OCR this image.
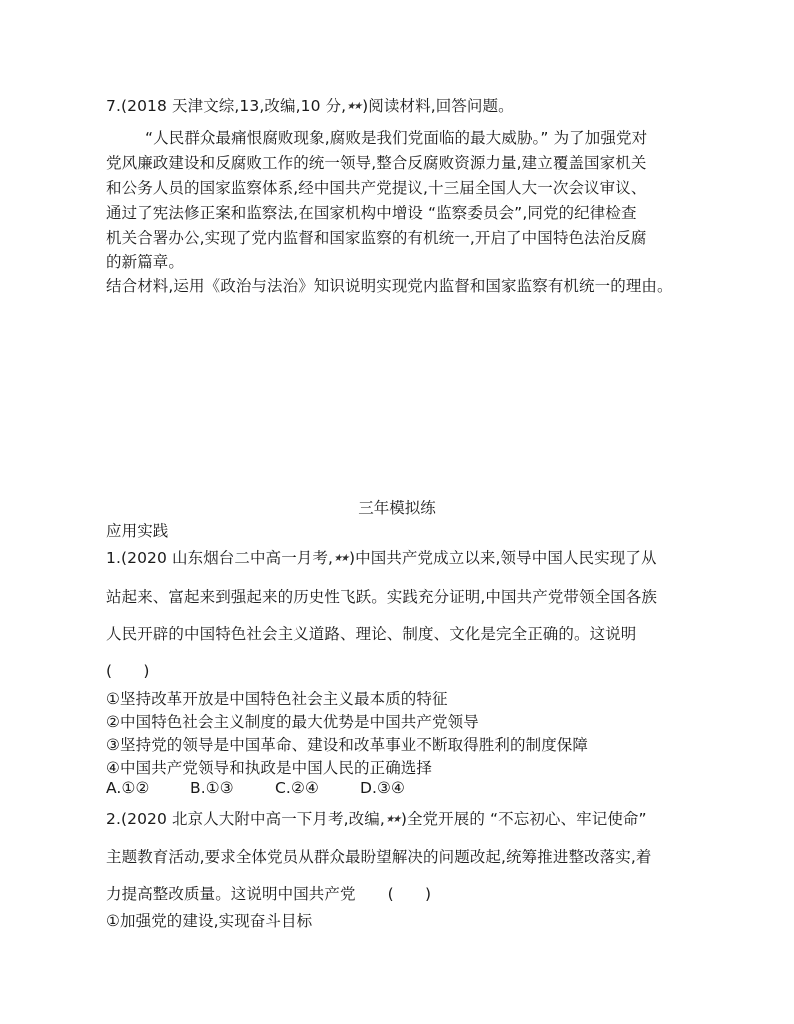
7.(2018 天津文综,13,改编,10 分,★★)阅读材料,回答问题。
“人民群众最痛恨腐败现象,腐败是我们党面临的最大威胁。” 为了加强党对
党风廉政建设和反腐败工作的统一领导,整合反腐败资源力量,建立覆盖国家机关
和公务人员的国家监察体系,经中国共产党提议,十三届全国人大一次会议审议、
通过了宪法修正案和监察法,在国家机构中增设 “监察委员会”,同党的纪律检查
机关合署办公,实现了党内监督和国家监察的有机统一,开启了中国特色法治反腐
的新篇章。
结合材料,运用《政治与法治》知识说明实现党内监督和国家监察有机统一的理由。
三年模拟练
应用实践
1.(2020 山东烟台二中高一月考,★★)中国共产党成立以来,领导中国人民实现了从
站起来、富起来到强起来的历史性飞跃。实践充分证明,中国共产党带领全国各族
人民开辟的中国特色社会主义道路、理论、制度、文化是完全正确的。这说明
(　　)
①坚持改革开放是中国特色社会主义最本质的特征
②中国特色社会主义制度的最大优势是中国共产党领导
③坚持党的领导是中国革命、建设和改革事业不断取得胜利的制度保障
④中国共产党领导和执政是中国人民的正确选择
A.①②	B.①③	C.②④	D.③④
2.(2020 北京人大附中高一下月考,改编,★★)全党开展的 “不忘初心、牢记使命”
主题教育活动,要求全体党员从群众最盼望解决的问题改起,统筹推进整改落实,着
力提高整改质量。这说明中国共产党 (　　)
①加强党的建设,实现奋斗目标
